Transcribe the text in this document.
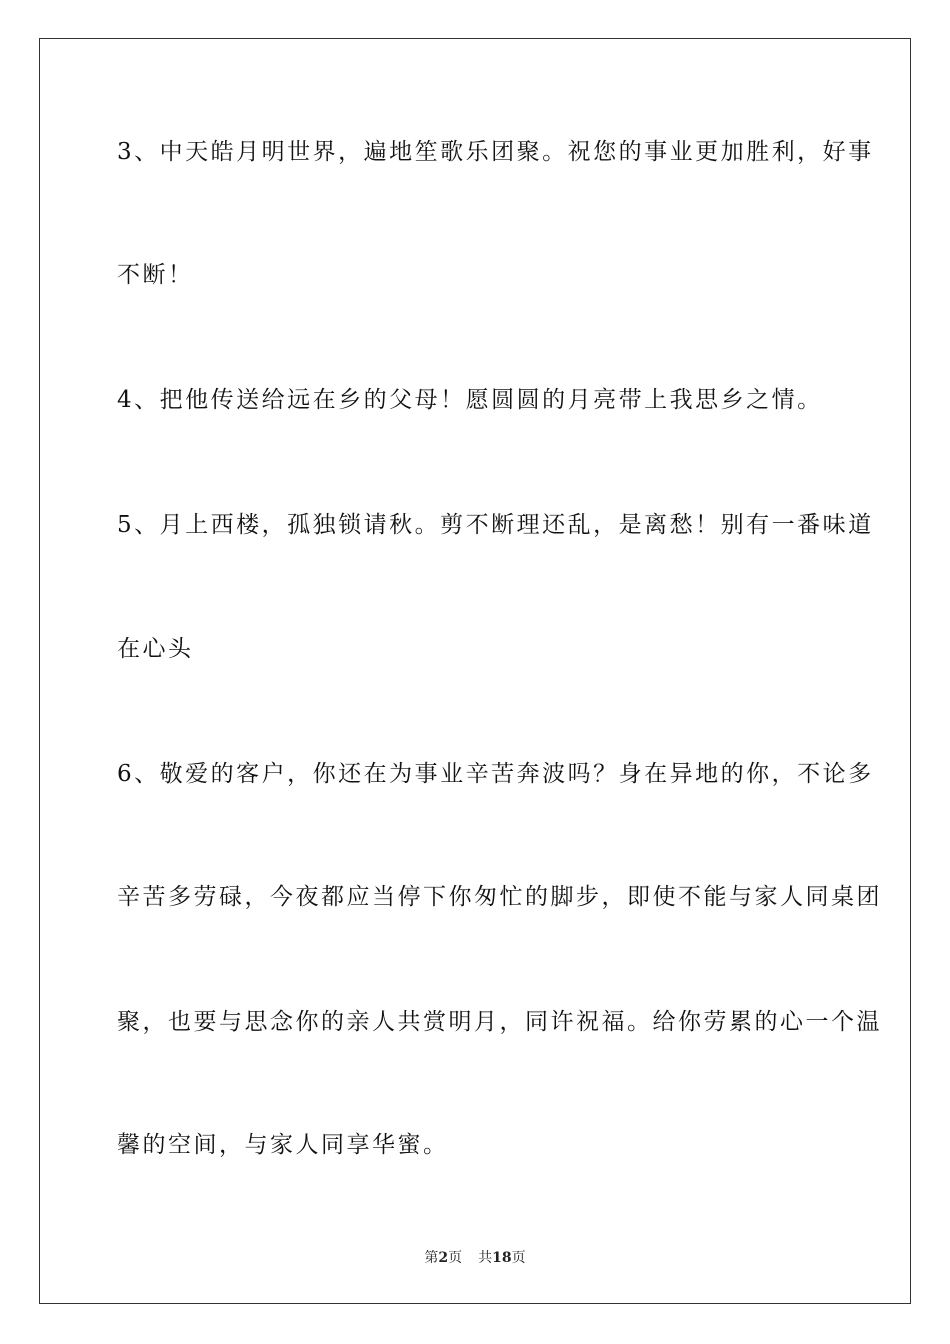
3、中天皓月明世界，遍地笙歌乐团聚。祝您的事业更加胜利，好事
不断！
4、把他传送给远在乡的父母！愿圆圆的月亮带上我思乡之情。
5、月上西楼，孤独锁请秋。剪不断理还乱，是离愁！别有一番味道
在心头
6、敬爱的客户，你还在为事业辛苦奔波吗？身在异地的你，不论多
辛苦多劳碌，今夜都应当停下你匆忙的脚步，即使不能与家人同桌团
聚，也要与思念你的亲人共赏明月，同许祝福。给你劳累的心一个温
馨的空间，与家人同享华蜜。
第2页 共18页
